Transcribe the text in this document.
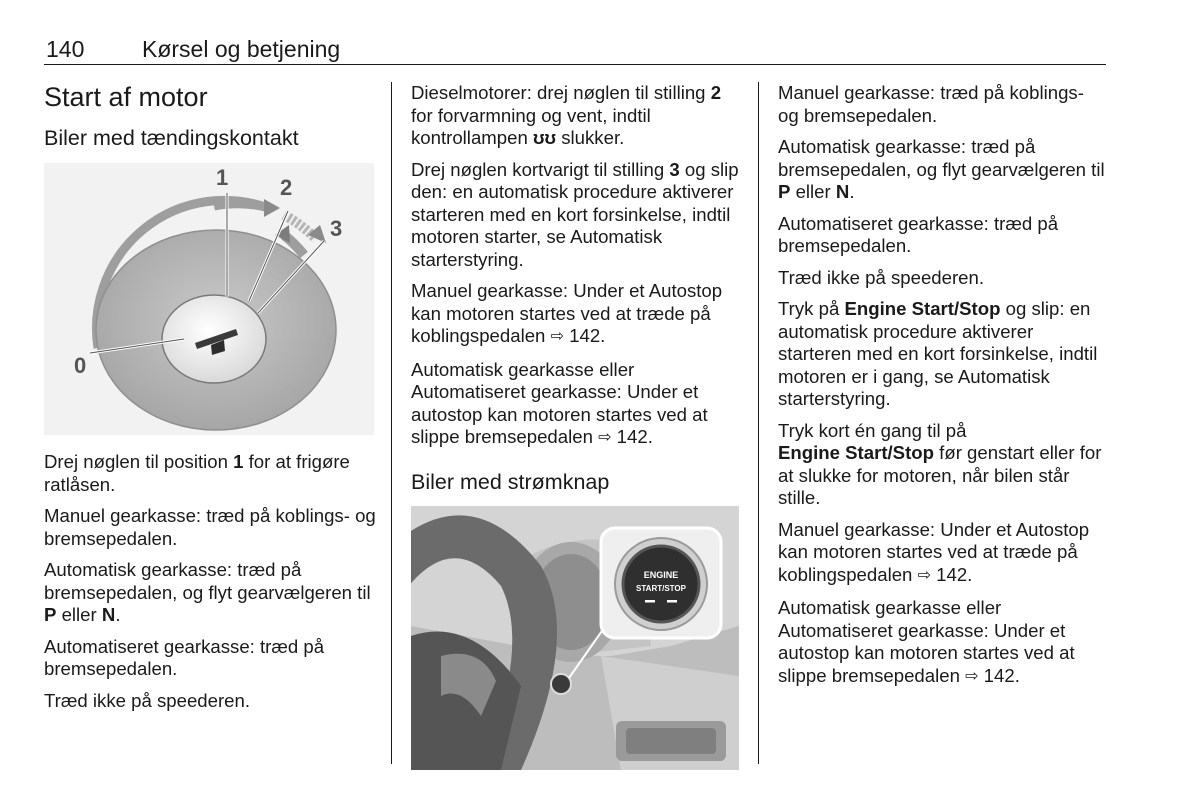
140	Kørsel og betjening
Start af motor
Biler med tændingskontakt
1 2
3
0

Drej nøglen til position 1 for at frigøre ratlåsen.

Manuel gearkasse: træd på koblings- og bremsepedalen.

Automatisk gearkasse: træd på bremsepedalen, og flyt gearvælgeren til P eller N.

Automatiseret gearkasse: træd på bremsepedalen.

Træd ikke på speederen.

Dieselmotorer: drej nøglen til stilling 2 for forvarmning og vent, indtil kontrollampen ʊʊ slukker.

Drej nøglen kortvarigt til stilling 3 og slip den: en automatisk procedure aktiverer starteren med en kort forsinkelse, indtil motoren starter, se Automatisk starterstyring.

Manuel gearkasse: Under et Autostop kan motoren startes ved at træde på koblingspedalen ⇨ 142.

Automatisk gearkasse eller Automatiseret gearkasse: Under et autostop kan motoren startes ved at slippe bremsepedalen ⇨ 142.

Biler med strømknap
ENGINE
START/STOP

Manuel gearkasse: træd på koblings- og bremsepedalen.

Automatisk gearkasse: træd på bremsepedalen, og flyt gearvælgeren til P eller N.

Automatiseret gearkasse: træd på bremsepedalen.

Træd ikke på speederen.

Tryk på Engine Start/Stop og slip: en automatisk procedure aktiverer starteren med en kort forsinkelse, indtil motoren er i gang, se Automatisk starterstyring.

Tryk kort én gang til på
Engine Start/Stop før genstart eller for at slukke for motoren, når bilen står stille.

Manuel gearkasse: Under et Autostop kan motoren startes ved at træde på koblingspedalen ⇨ 142.

Automatisk gearkasse eller Automatiseret gearkasse: Under et autostop kan motoren startes ved at slippe bremsepedalen ⇨ 142.
